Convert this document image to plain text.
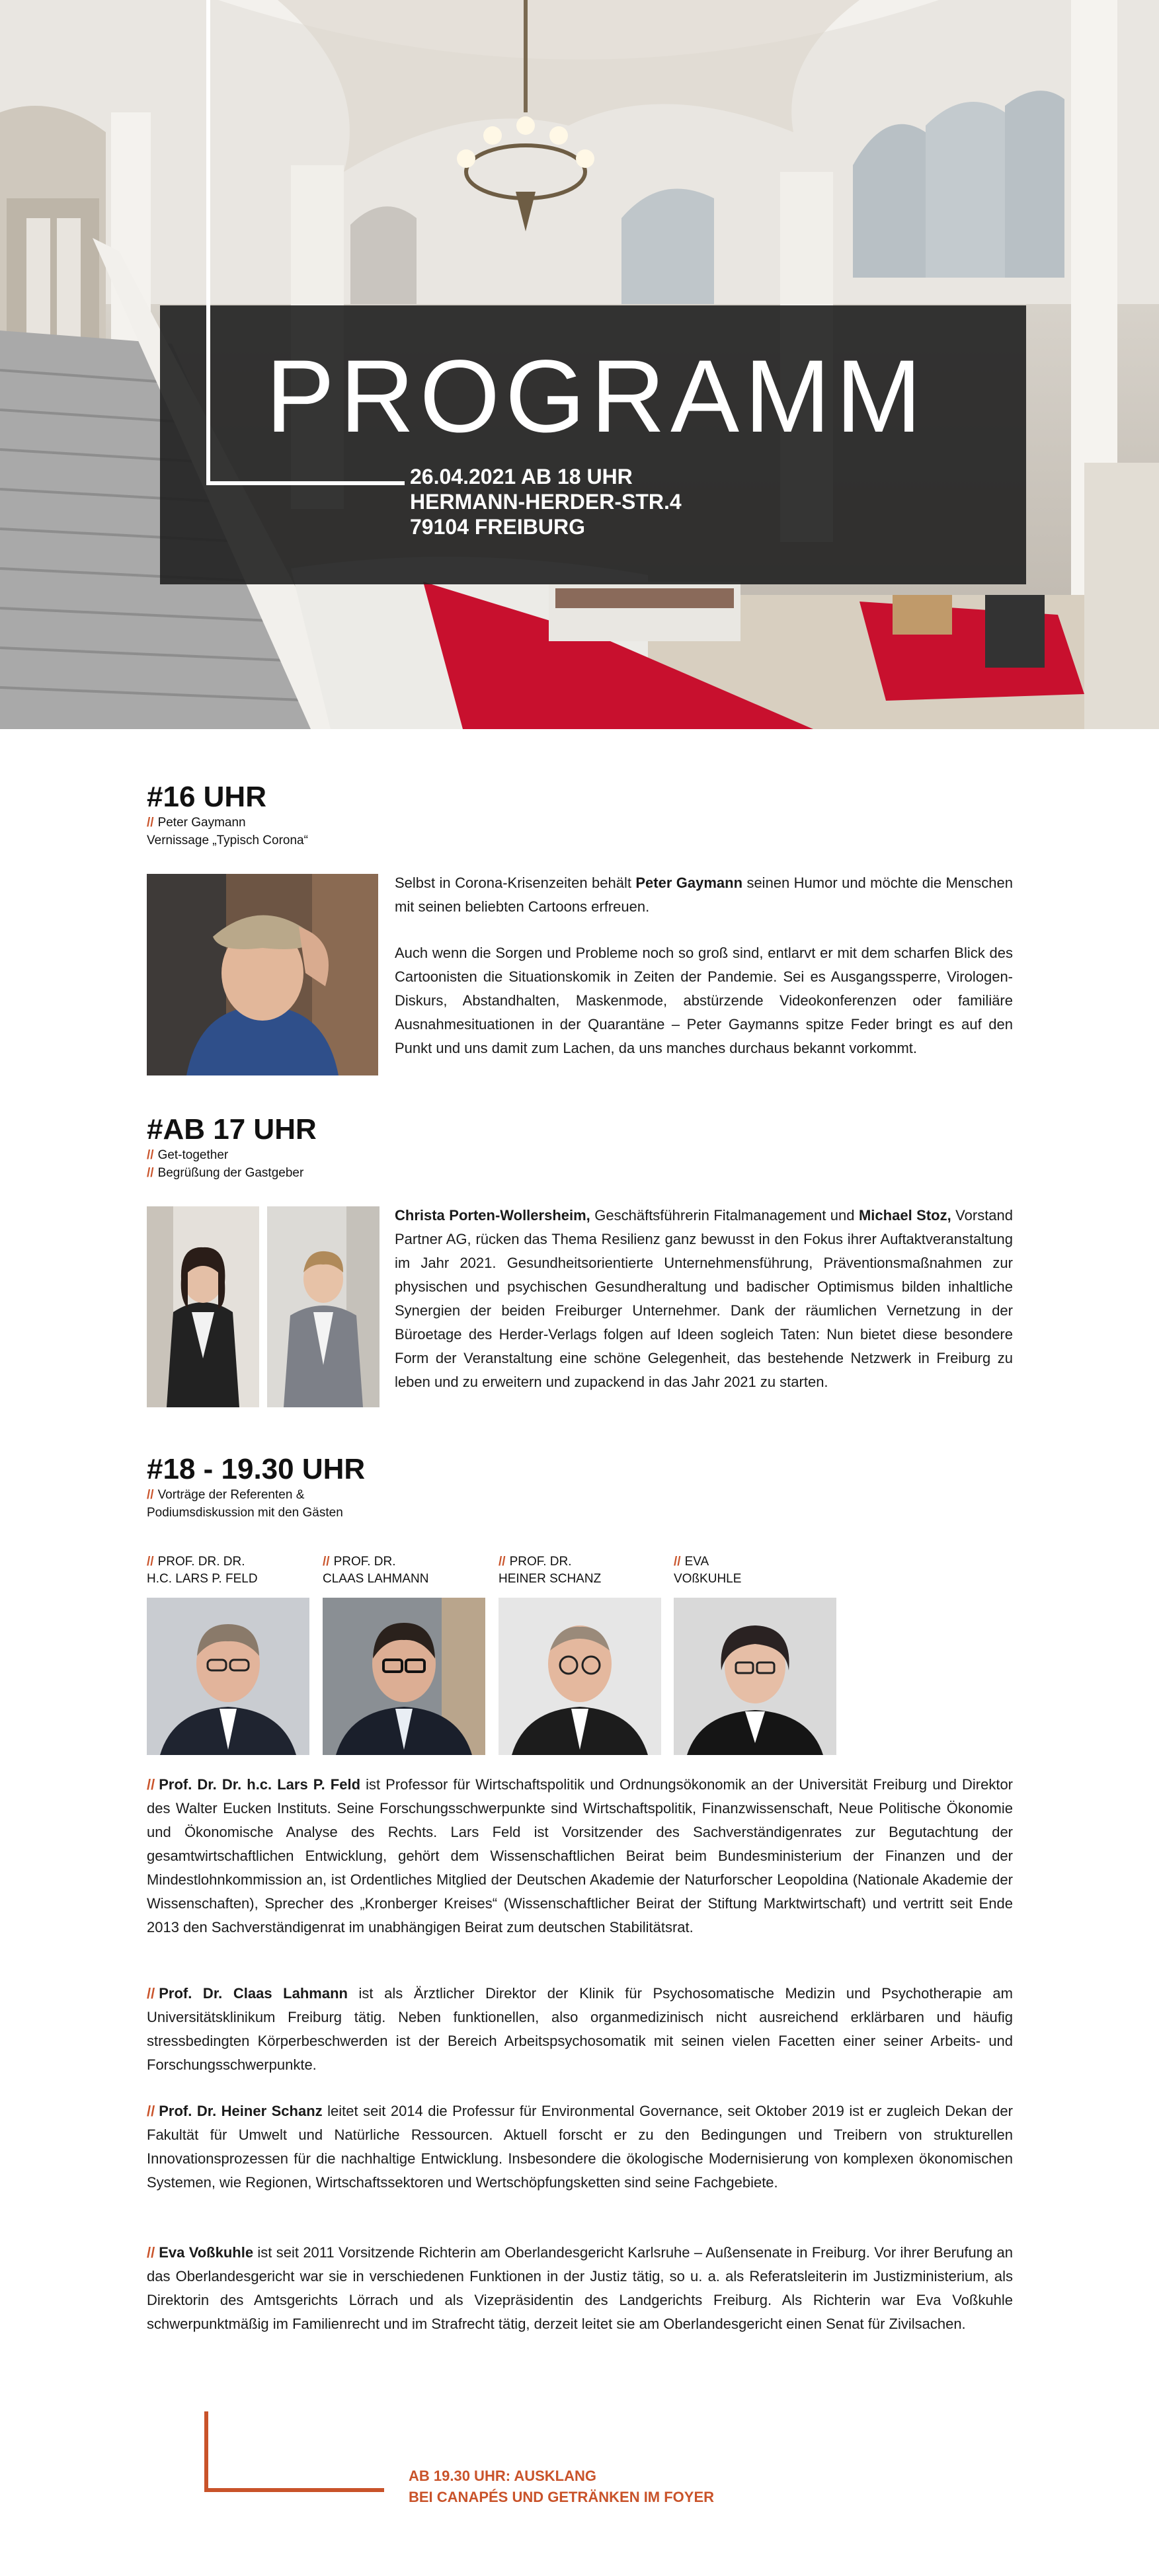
PROGRAMM
26.04.2021 AB 18 UHR
HERMANN-HERDER-STR.4
79104 FREIBURG
#16 UHR
// Peter Gaymann
Vernissage „Typisch Corona“

Selbst in Corona-Krisenzeiten behält Peter Gaymann seinen Humor und möchte die Menschen mit seinen beliebten Cartoons erfreuen.

Auch wenn die Sorgen und Probleme noch so groß sind, entlarvt er mit dem scharfen Blick des Cartoonisten die Situationskomik in Zeiten der Pandemie. Sei es Ausgangssperre, Virologen-Diskurs, Abstandhalten, Maskenmode, abstürzende Videokonferenzen oder familiäre Ausnahmesituationen in der Quarantäne – Peter Gaymanns spitze Feder bringt es auf den Punkt und uns damit zum Lachen, da uns manches durchaus bekannt vorkommt.

#AB 17 UHR
// Get-together
// Begrüßung der Gastgeber

Christa Porten-Wollersheim, Geschäftsführerin Fitalmanagement und Michael Stoz, Vorstand Partner AG, rücken das Thema Resilienz ganz bewusst in den Fokus ihrer Auftaktveranstaltung im Jahr 2021. Gesundheitsorientierte Unternehmensführung, Präventionsmaßnahmen zur physischen und psychischen Gesundheraltung und badischer Optimismus bilden inhaltliche Synergien der beiden Freiburger Unternehmer. Dank der räumlichen Vernetzung in der Büroetage des Herder-Verlags folgen auf Ideen sogleich Taten: Nun bietet diese besondere Form der Veranstaltung eine schöne Gelegenheit, das bestehende Netzwerk in Freiburg zu leben und zu erweitern und zupackend in das Jahr 2021 zu starten.

#18 - 19.30 UHR
// Vorträge der Referenten &
Podiumsdiskussion mit den Gästen
// PROF. DR. DR.
H.C. LARS P. FELD
// PROF. DR.
CLAAS LAHMANN
// PROF. DR.
HEINER SCHANZ
// EVA
VOßKUHLE

// Prof. Dr. Dr. h.c. Lars P. Feld ist Professor für Wirtschaftspolitik und Ordnungsökonomik an der Universität Freiburg und Direktor des Walter Eucken Instituts. Seine Forschungsschwerpunkte sind Wirtschaftspolitik, Finanzwissenschaft, Neue Politische Ökonomie und Ökonomische Analyse des Rechts. Lars Feld ist Vorsitzender des Sachverständigenrates zur Begutachtung der gesamtwirtschaftlichen Entwicklung, gehört dem Wissenschaftlichen Beirat beim Bundesministerium der Finanzen und der Mindestlohnkommission an, ist Ordentliches Mitglied der Deutschen Akademie der Naturforscher Leopoldina (Nationale Akademie der Wissenschaften), Sprecher des „Kronberger Kreises“ (Wissenschaftlicher Beirat der Stiftung Marktwirtschaft) und vertritt seit Ende 2013 den Sachverständigenrat im unabhängigen Beirat zum deutschen Stabilitätsrat.

// Prof. Dr. Claas Lahmann ist als Ärztlicher Direktor der Klinik für Psychosomatische Medizin und Psychotherapie am Universitätsklinikum Freiburg tätig. Neben funktionellen, also organmedizinisch nicht ausreichend erklärbaren und häufig stressbedingten Körperbeschwerden ist der Bereich Arbeitspsychosomatik mit seinen vielen Facetten einer seiner Arbeits- und Forschungsschwerpunkte.

// Prof. Dr. Heiner Schanz leitet seit 2014 die Professur für Environmental Governance, seit Oktober 2019 ist er zugleich Dekan der Fakultät für Umwelt und Natürliche Ressourcen. Aktuell forscht er zu den Bedingungen und Treibern von strukturellen Innovationsprozessen für die nachhaltige Entwicklung. Insbesondere die ökologische Modernisierung von komplexen ökonomischen Systemen, wie Regionen, Wirtschaftssektoren und Wertschöpfungsketten sind seine Fachgebiete.

// Eva Voßkuhle ist seit 2011 Vorsitzende Richterin am Oberlandesgericht Karlsruhe – Außensenate in Freiburg. Vor ihrer Berufung an das Oberlandesgericht war sie in verschiedenen Funktionen in der Justiz tätig, so u. a. als Referatsleiterin im Justizministerium, als Direktorin des Amtsgerichts Lörrach und als Vizepräsidentin des Landgerichts Freiburg. Als Richterin war Eva Voßkuhle schwerpunktmäßig im Familienrecht und im Strafrecht tätig, derzeit leitet sie am Oberlandesgericht einen Senat für Zivilsachen.

AB 19.30 UHR: AUSKLANG
BEI CANAPÉS UND GETRÄNKEN IM FOYER
